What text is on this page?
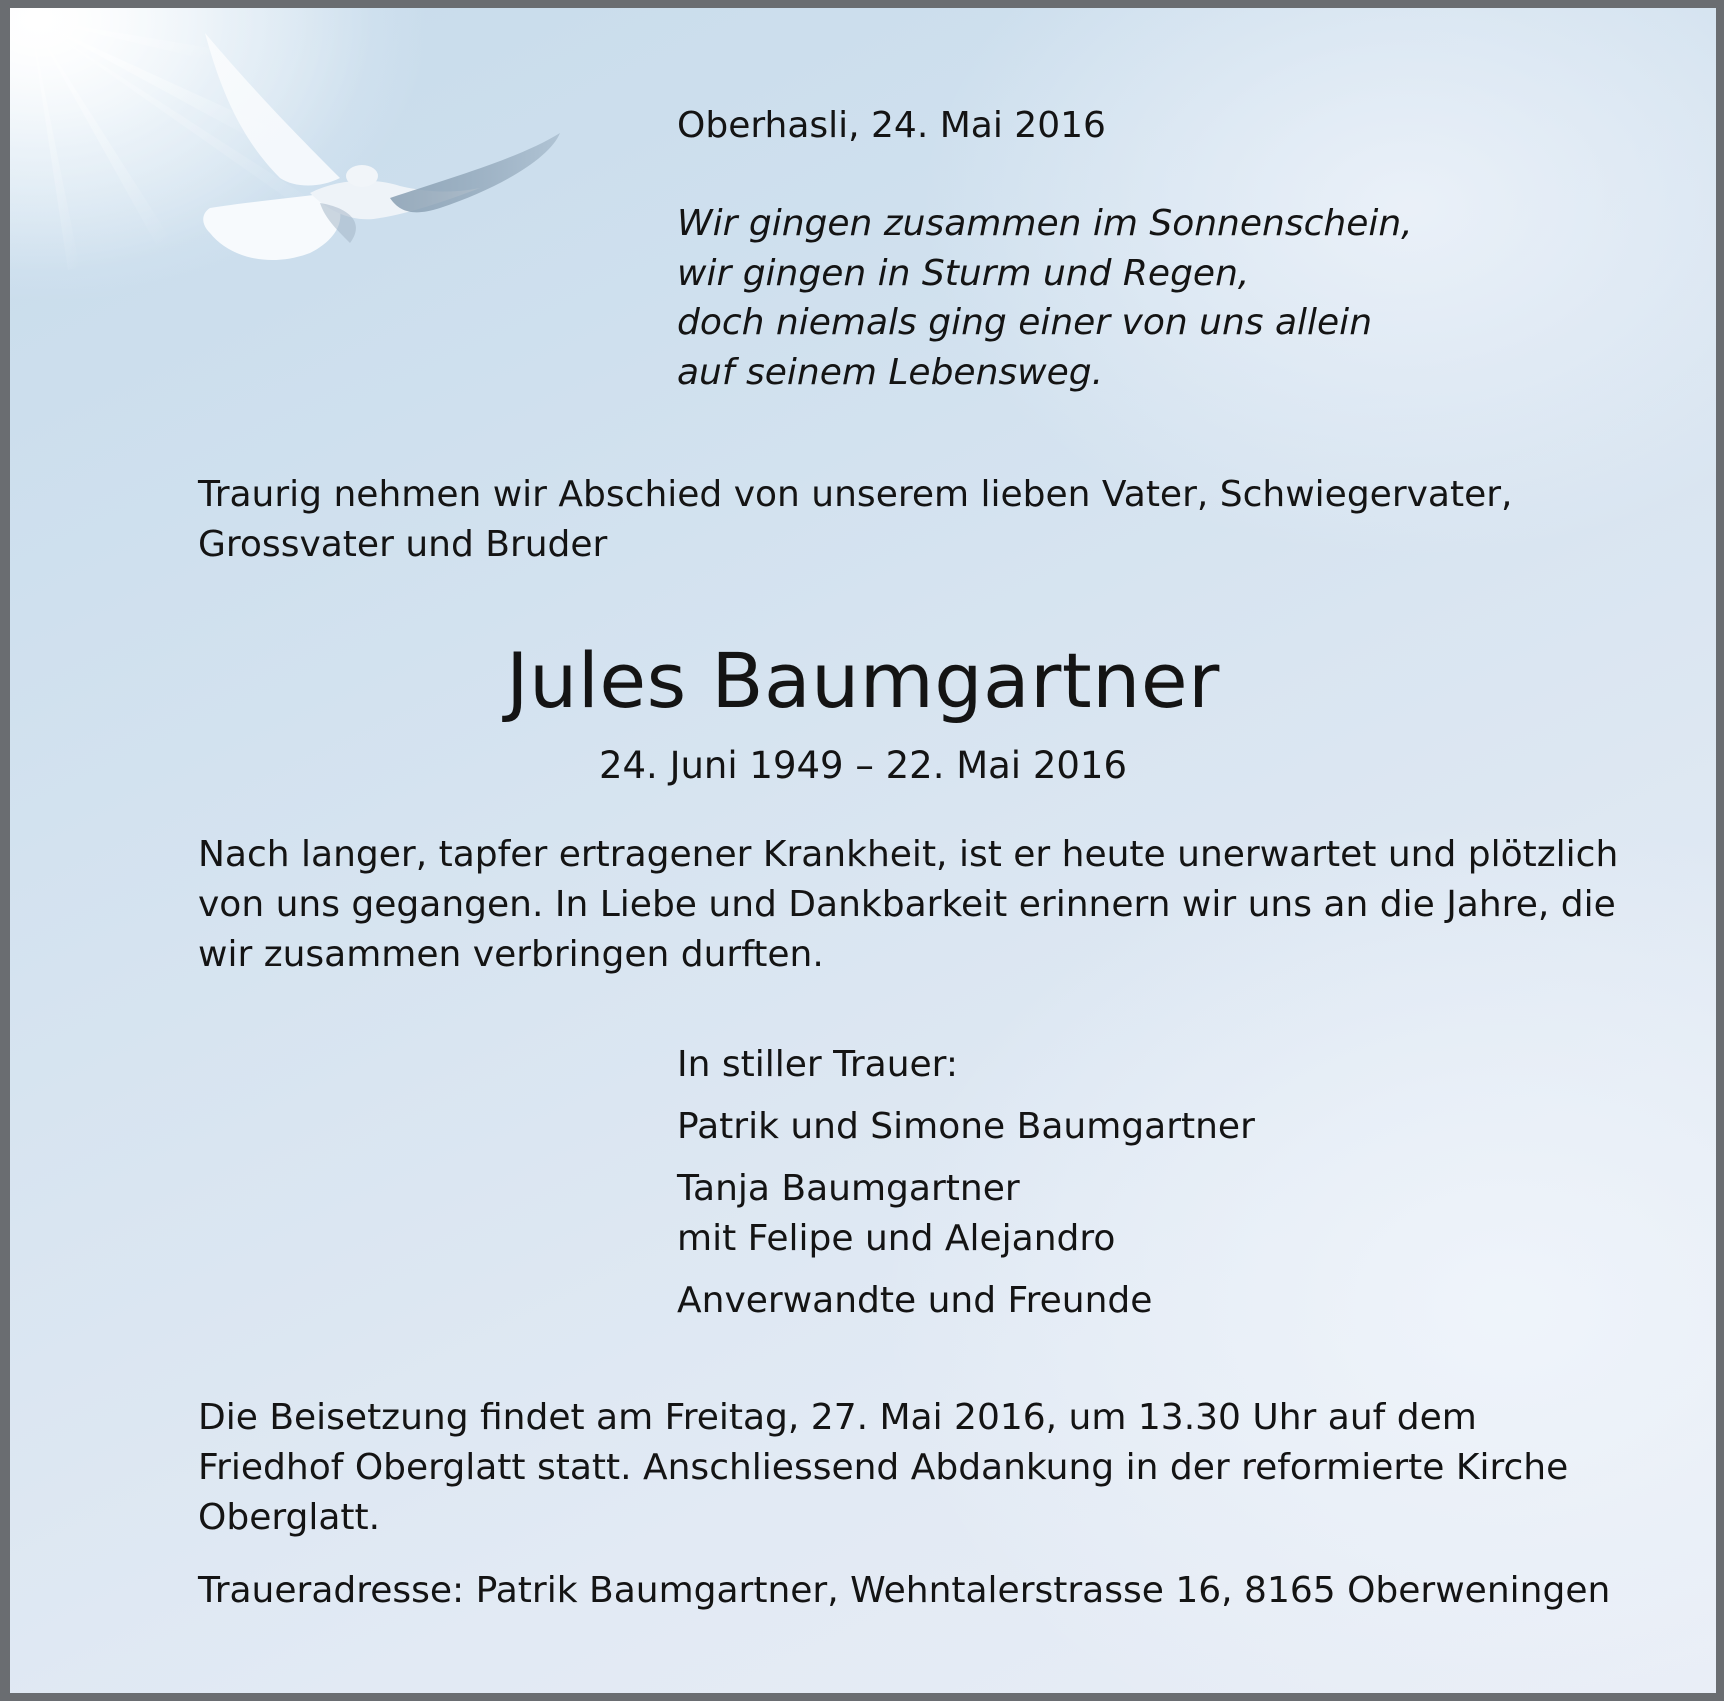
Oberhasli, 24. Mai 2016
Wir gingen zusammen im Sonnenschein,
wir gingen in Sturm und Regen,
doch niemals ging einer von uns allein
auf seinem Lebensweg.
Traurig nehmen wir Abschied von unserem lieben Vater, Schwiegervater,
Grossvater und Bruder
Jules Baumgartner
24. Juni 1949 – 22. Mai 2016
Nach langer, tapfer ertragener Krankheit, ist er heute unerwartet und plötzlich
von uns gegangen. In Liebe und Dankbarkeit erinnern wir uns an die Jahre, die
wir zusammen verbringen durften.
In stiller Trauer:
Patrik und Simone Baumgartner
Tanja Baumgartner
mit Felipe und Alejandro
Anverwandte und Freunde
Die Beisetzung findet am Freitag, 27. Mai 2016, um 13.30 Uhr auf dem
Friedhof Oberglatt statt. Anschliessend Abdankung in der reformierte Kirche
Oberglatt.
Traueradresse: Patrik Baumgartner, Wehntalerstrasse 16, 8165 Oberweningen
